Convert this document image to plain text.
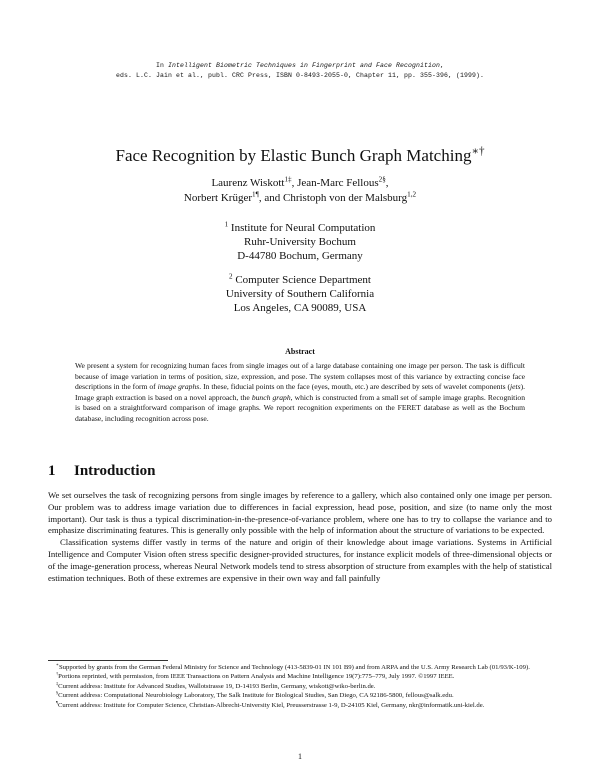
In Intelligent Biometric Techniques in Fingerprint and Face Recognition,
eds. L.C. Jain et al., publ. CRC Press, ISBN 0-8493-2055-0, Chapter 11, pp. 355-396, (1999).
Face Recognition by Elastic Bunch Graph Matching∗†
Laurenz Wiskott$^{1\ddagger}$, Jean-Marc Fellous$^{2\S}$,
Norbert Krüger$^{1\P}$, and Christoph von der Malsburg$^{1,2}$
$^1$ Institute for Neural Computation
Ruhr-University Bochum
D-44780 Bochum, Germany
$^2$ Computer Science Department
University of Southern California
Los Angeles, CA 90089, USA
Abstract
We present a system for recognizing human faces from single images out of a large database containing one image per person. The task is difficult because of image variation in terms of position, size, expression, and pose. The system collapses most of this variance by extracting concise face descriptions in the form of image graphs. In these, fiducial points on the face (eyes, mouth, etc.) are described by sets of wavelet components (jets). Image graph extraction is based on a novel approach, the bunch graph, which is constructed from a small set of sample image graphs. Recognition is based on a straightforward comparison of image graphs. We report recognition experiments on the FERET database as well as the Bochum database, including recognition across pose.
1 Introduction

We set ourselves the task of recognizing persons from single images by reference to a gallery, which also contained only one image per person. Our problem was to address image variation due to differences in facial expression, head pose, position, and size (to name only the most important). Our task is thus a typical discrimination-in-the-presence-of-variance problem, where one has to try to collapse the variance and to emphasize discriminating features. This is generally only possible with the help of information about the structure of variations to be expected.

Classification systems differ vastly in terms of the nature and origin of their knowledge about image variations. Systems in Artificial Intelligence and Computer Vision often stress specific designer-provided structures, for instance explicit models of three-dimensional objects or of the image-generation process, whereas Neural Network models tend to stress absorption of structure from examples with the help of statistical estimation techniques. Both of these extremes are expensive in their own way and fall painfully

∗Supported by grants from the German Federal Ministry for Science and Technology (413-5839-01 IN 101 B9) and from ARPA and the U.S. Army Research Lab (01/93/K-109).

†Portions reprinted, with permission, from IEEE Transactions on Pattern Analysis and Machine Intelligence 19(7):775–779, July 1997. ©1997 IEEE.

‡Current address: Institute for Advanced Studies, Wallotstrasse 19, D-14193 Berlin, Germany, wiskott@wiko-berlin.de.

§Current address: Computational Neurobiology Laboratory, The Salk Institute for Biological Studies, San Diego, CA 92186-5800, fellous@salk.edu.

¶Current address: Institute for Computer Science, Christian-Albrecht-University Kiel, Preusserstrasse 1-9, D-24105 Kiel, Germany, nkr@informatik.uni-kiel.de.

1
